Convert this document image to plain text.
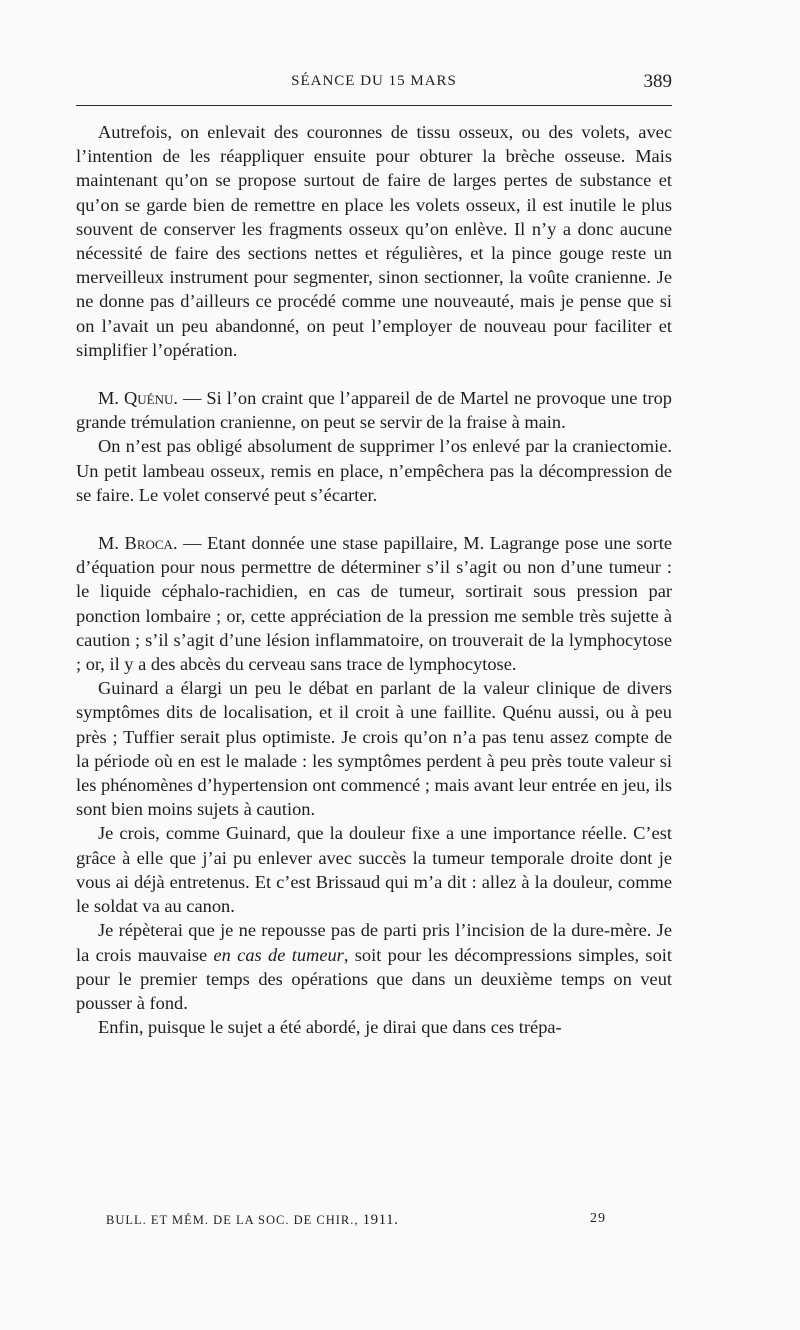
SÉANCE DU 15 MARS	389

Autrefois, on enlevait des couronnes de tissu osseux, ou des volets, avec l’intention de les réappliquer ensuite pour obturer la brèche osseuse. Mais maintenant qu’on se propose surtout de faire de larges pertes de substance et qu’on se garde bien de remettre en place les volets osseux, il est inutile le plus souvent de conserver les fragments osseux qu’on enlève. Il n’y a donc aucune nécessité de faire des sections nettes et régulières, et la pince gouge reste un merveilleux instrument pour segmenter, sinon sectionner, la voûte cranienne. Je ne donne pas d’ailleurs ce procédé comme une nouveauté, mais je pense que si on l’avait un peu abandonné, on peut l’employer de nouveau pour faciliter et simplifier l’opération.

M. Quénu. — Si l’on craint que l’appareil de de Martel ne provoque une trop grande trémulation cranienne, on peut se servir de la fraise à main.

On n’est pas obligé absolument de supprimer l’os enlevé par la craniectomie. Un petit lambeau osseux, remis en place, n’empêchera pas la décompression de se faire. Le volet conservé peut s’écarter.

M. Broca. — Etant donnée une stase papillaire, M. Lagrange pose une sorte d’équation pour nous permettre de déterminer s’il s’agit ou non d’une tumeur : le liquide céphalo-rachidien, en cas de tumeur, sortirait sous pression par ponction lombaire ; or, cette appréciation de la pression me semble très sujette à caution ; s’il s’agit d’une lésion inflammatoire, on trouverait de la lymphocytose ; or, il y a des abcès du cerveau sans trace de lymphocytose.

Guinard a élargi un peu le débat en parlant de la valeur clinique de divers symptômes dits de localisation, et il croit à une faillite. Quénu aussi, ou à peu près ; Tuffier serait plus optimiste. Je crois qu’on n’a pas tenu assez compte de la période où en est le malade : les symptômes perdent à peu près toute valeur si les phénomènes d’hypertension ont commencé ; mais avant leur entrée en jeu, ils sont bien moins sujets à caution.

Je crois, comme Guinard, que la douleur fixe a une importance réelle. C’est grâce à elle que j’ai pu enlever avec succès la tumeur temporale droite dont je vous ai déjà entretenus. Et c’est Brissaud qui m’a dit : allez à la douleur, comme le soldat va au canon.

Je répèterai que je ne repousse pas de parti pris l’incision de la dure-mère. Je la crois mauvaise en cas de tumeur, soit pour les décompressions simples, soit pour le premier temps des opérations que dans un deuxième temps on veut pousser à fond.

Enfin, puisque le sujet a été abordé, je dirai que dans ces trépa-

BULL. ET MÉM. DE LA SOC. DE CHIR., 1911.	29
